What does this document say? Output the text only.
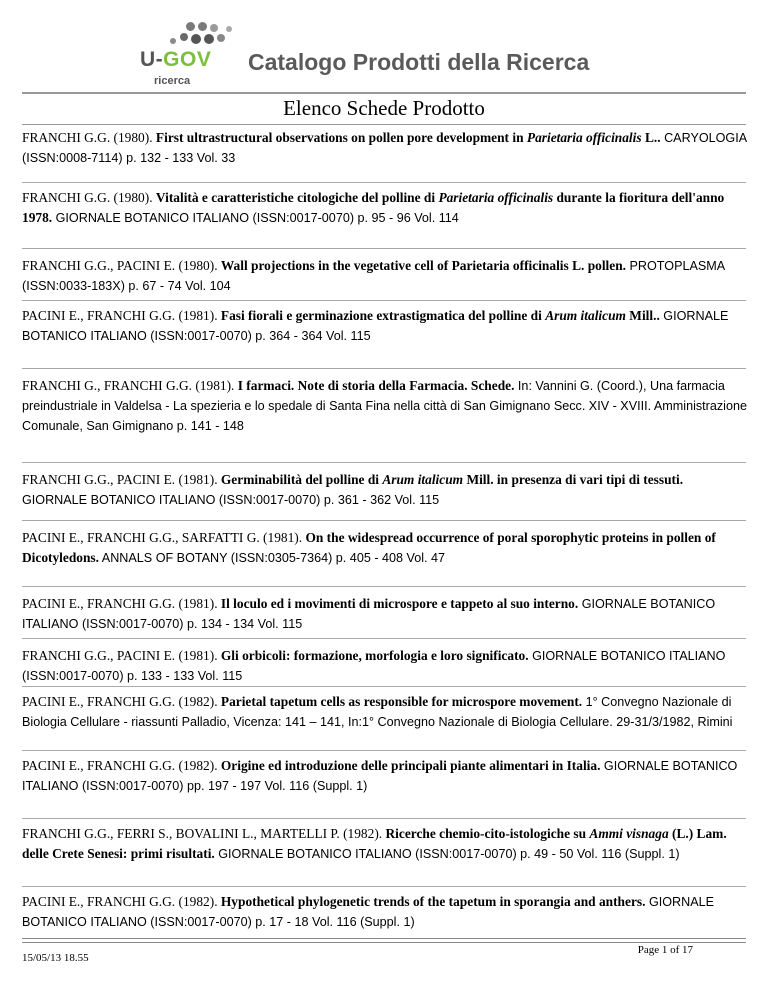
U-GOV
ricerca
Catalogo Prodotti della Ricerca
Elenco Schede Prodotto
FRANCHI G.G. (1980). First ultrastructural observations on pollen pore development in Parietaria officinalis L.. CARYOLOGIA (ISSN:0008-7114) p. 132 - 133 Vol. 33
FRANCHI G.G. (1980). Vitalità e caratteristiche citologiche del polline di Parietaria officinalis durante la fioritura dell'anno 1978. GIORNALE BOTANICO ITALIANO (ISSN:0017-0070) p. 95 - 96 Vol. 114
FRANCHI G.G., PACINI E. (1980). Wall projections in the vegetative cell of Parietaria officinalis L. pollen. PROTOPLASMA (ISSN:0033-183X) p. 67 - 74 Vol. 104
PACINI E., FRANCHI G.G. (1981). Fasi fiorali e germinazione extrastigmatica del polline di Arum italicum Mill.. GIORNALE BOTANICO ITALIANO (ISSN:0017-0070) p. 364 - 364 Vol. 115
FRANCHI G., FRANCHI G.G. (1981). I farmaci. Note di storia della Farmacia. Schede. In: Vannini G. (Coord.), Una farmacia preindustriale in Valdelsa - La spezieria e lo spedale di Santa Fina nella città di San Gimignano Secc. XIV - XVIII. Amministrazione Comunale, San Gimignano p. 141 - 148
FRANCHI G.G., PACINI E. (1981). Germinabilità del polline di Arum italicum Mill. in presenza di vari tipi di tessuti. GIORNALE BOTANICO ITALIANO (ISSN:0017-0070) p. 361 - 362 Vol. 115
PACINI E., FRANCHI G.G., SARFATTI G. (1981). On the widespread occurrence of poral sporophytic proteins in pollen of Dicotyledons. ANNALS OF BOTANY (ISSN:0305-7364) p. 405 - 408 Vol. 47
PACINI E., FRANCHI G.G. (1981). Il loculo ed i movimenti di microspore e tappeto al suo interno. GIORNALE BOTANICO ITALIANO (ISSN:0017-0070) p. 134 - 134 Vol. 115
FRANCHI G.G., PACINI E. (1981). Gli orbicoli: formazione, morfologia e loro significato. GIORNALE BOTANICO ITALIANO (ISSN:0017-0070) p. 133 - 133 Vol. 115
PACINI E., FRANCHI G.G. (1982). Parietal tapetum cells as responsible for microspore movement. 1° Convegno Nazionale di Biologia Cellulare - riassunti Palladio, Vicenza: 141 – 141, In:1° Convegno Nazionale di Biologia Cellulare. 29-31/3/1982, Rimini
PACINI E., FRANCHI G.G. (1982). Origine ed introduzione delle principali piante alimentari in Italia. GIORNALE BOTANICO ITALIANO (ISSN:0017-0070) pp. 197 - 197 Vol. 116 (Suppl. 1)
FRANCHI G.G., FERRI S., BOVALINI L., MARTELLI P. (1982). Ricerche chemio-cito-istologiche su Ammi visnaga (L.) Lam. delle Crete Senesi: primi risultati. GIORNALE BOTANICO ITALIANO (ISSN:0017-0070) p. 49 - 50 Vol. 116 (Suppl. 1)
PACINI E., FRANCHI G.G. (1982). Hypothetical phylogenetic trends of the tapetum in sporangia and anthers. GIORNALE BOTANICO ITALIANO (ISSN:0017-0070) p. 17 - 18 Vol. 116 (Suppl. 1)
15/05/13 18.55
Page 1 of 17
